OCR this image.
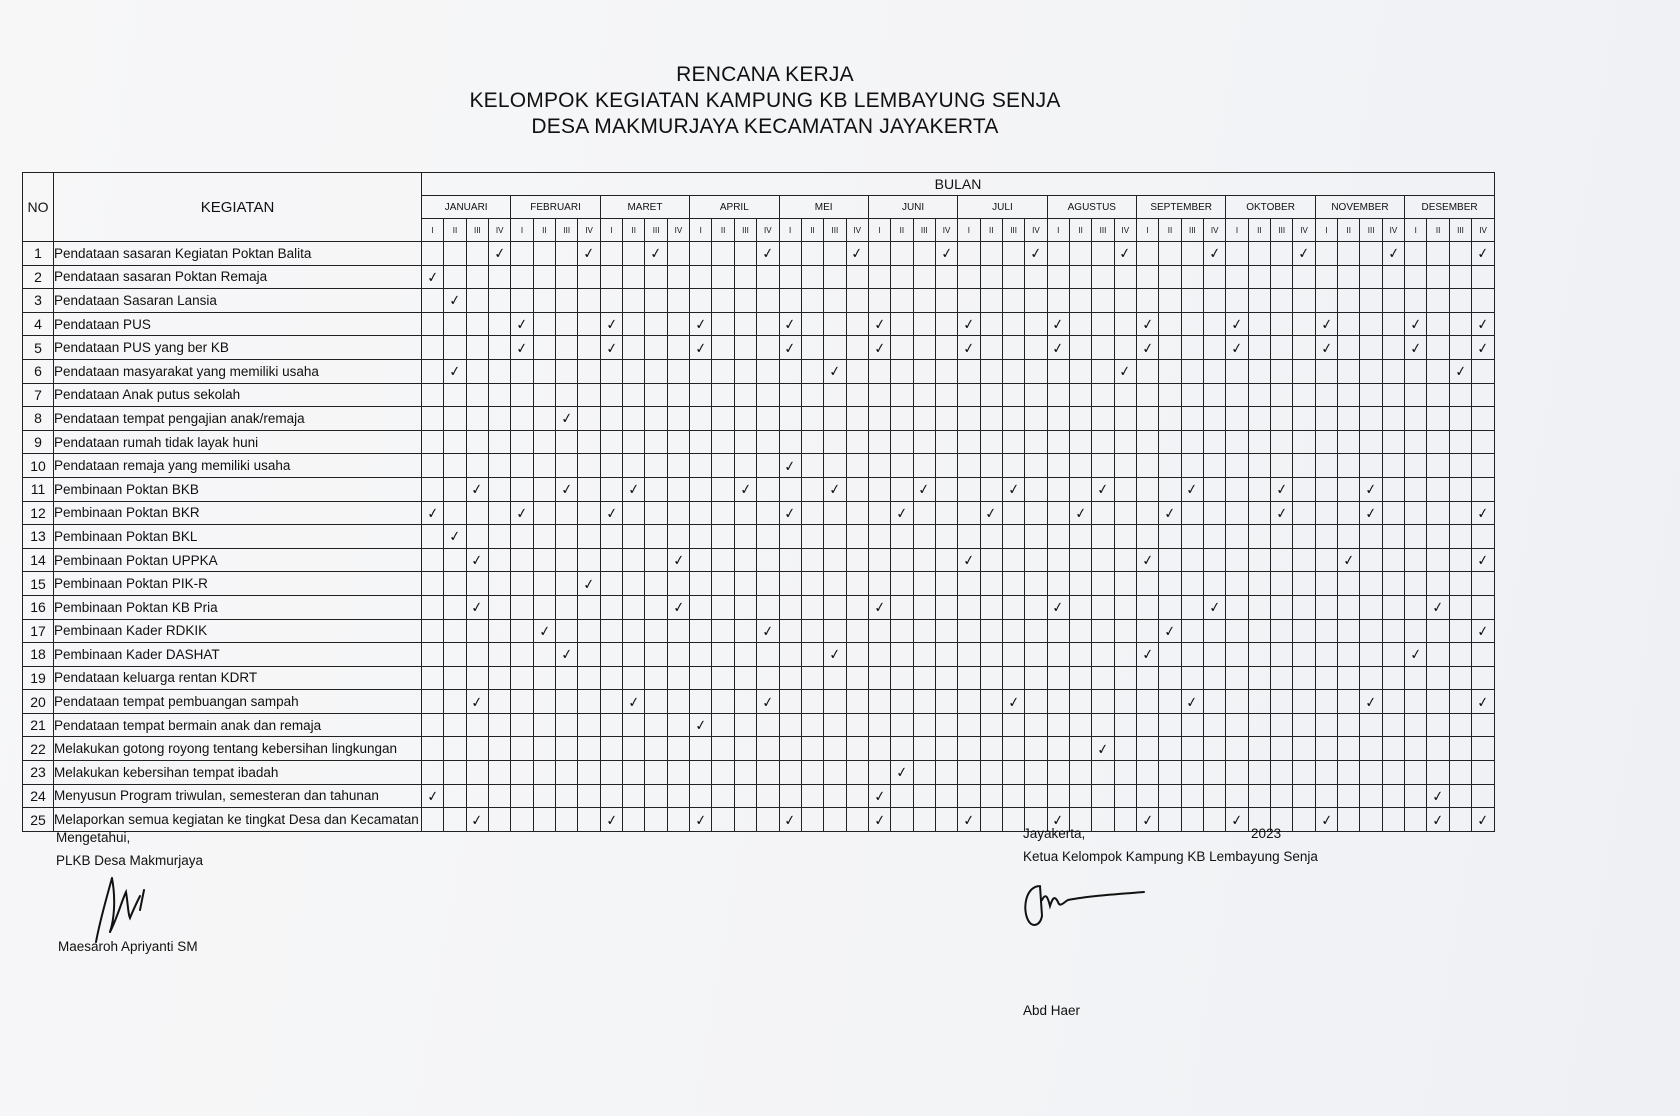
RENCANA KERJA
KELOMPOK KEGIATAN KAMPUNG KB LEMBAYUNG SENJA
DESA MAKMURJAYA KECAMATAN JAYAKERTA
NO	KEGIATAN	BULAN																																															
		JANUARI				FEBRUARI				MARET				APRIL				MEI				JUNI				JULI				AGUSTUS				SEPTEMBER				OKTOBER				NOVEMBER				DESEMBER			
		I	II	III	IV	I	II	III	IV	I	II	III	IV	I	II	III	IV	I	II	III	IV	I	II	III	IV	I	II	III	IV	I	II	III	IV	I	II	III	IV	I	II	III	IV	I	II	III	IV	I	II	III	IV
1	Pendataan sasaran Kegiatan Poktan Balita				✓				✓			✓					✓				✓				✓				✓				✓				✓				✓				✓				✓
2	Pendataan sasaran Poktan Remaja	✓																																															
3	Pendataan Sasaran Lansia		✓																																														
4	Pendataan PUS					✓				✓				✓				✓				✓				✓				✓				✓				✓				✓				✓			✓
5	Pendataan PUS yang ber KB					✓				✓				✓				✓				✓				✓				✓				✓				✓				✓				✓			✓
6	Pendataan masyarakat yang memiliki usaha		✓																	✓													✓															✓	
7	Pendataan Anak putus sekolah																																																
8	Pendataan tempat pengajian anak/remaja							✓																																									
9	Pendataan rumah tidak layak huni																																																
10	Pendataan remaja yang memiliki usaha																	✓																															
11	Pembinaan Poktan BKB			✓				✓			✓					✓				✓				✓				✓				✓				✓				✓				✓					
12	Pembinaan Poktan BKR	✓				✓				✓								✓					✓				✓				✓				✓					✓				✓					✓
13	Pembinaan Poktan BKL		✓																																														
14	Pembinaan Poktan UPPKA			✓									✓													✓								✓									✓						✓
15	Pembinaan Poktan PIK-R								✓																																								
16	Pembinaan Poktan KB Pria			✓									✓									✓								✓							✓										✓		
17	Pembinaan Kader RDKIK						✓										✓																		✓														✓
18	Pembinaan Kader DASHAT							✓												✓														✓												✓			
19	Pendataan keluarga rentan KDRT																																																
20	Pendataan tempat pembuangan sampah			✓							✓						✓											✓								✓								✓					✓
21	Pendataan tempat bermain anak dan remaja													✓																																			
22	Melakukan gotong royong tentang kebersihan lingkungan																															✓																	
23	Melakukan kebersihan tempat ibadah																						✓																										
24	Menyusun Program triwulan, semesteran dan tahunan	✓																				✓																									✓		
25	Melaporkan semua kegiatan ke tingkat Desa dan Kecamatan			✓						✓				✓				✓				✓				✓				✓				✓				✓				✓					✓		✓
Mengetahui,
PLKB Desa Makmurjaya
Maesaroh Apriyanti SM
Jayakerta,	2023
Ketua Kelompok Kampung KB Lembayung Senja
Abd Haer
